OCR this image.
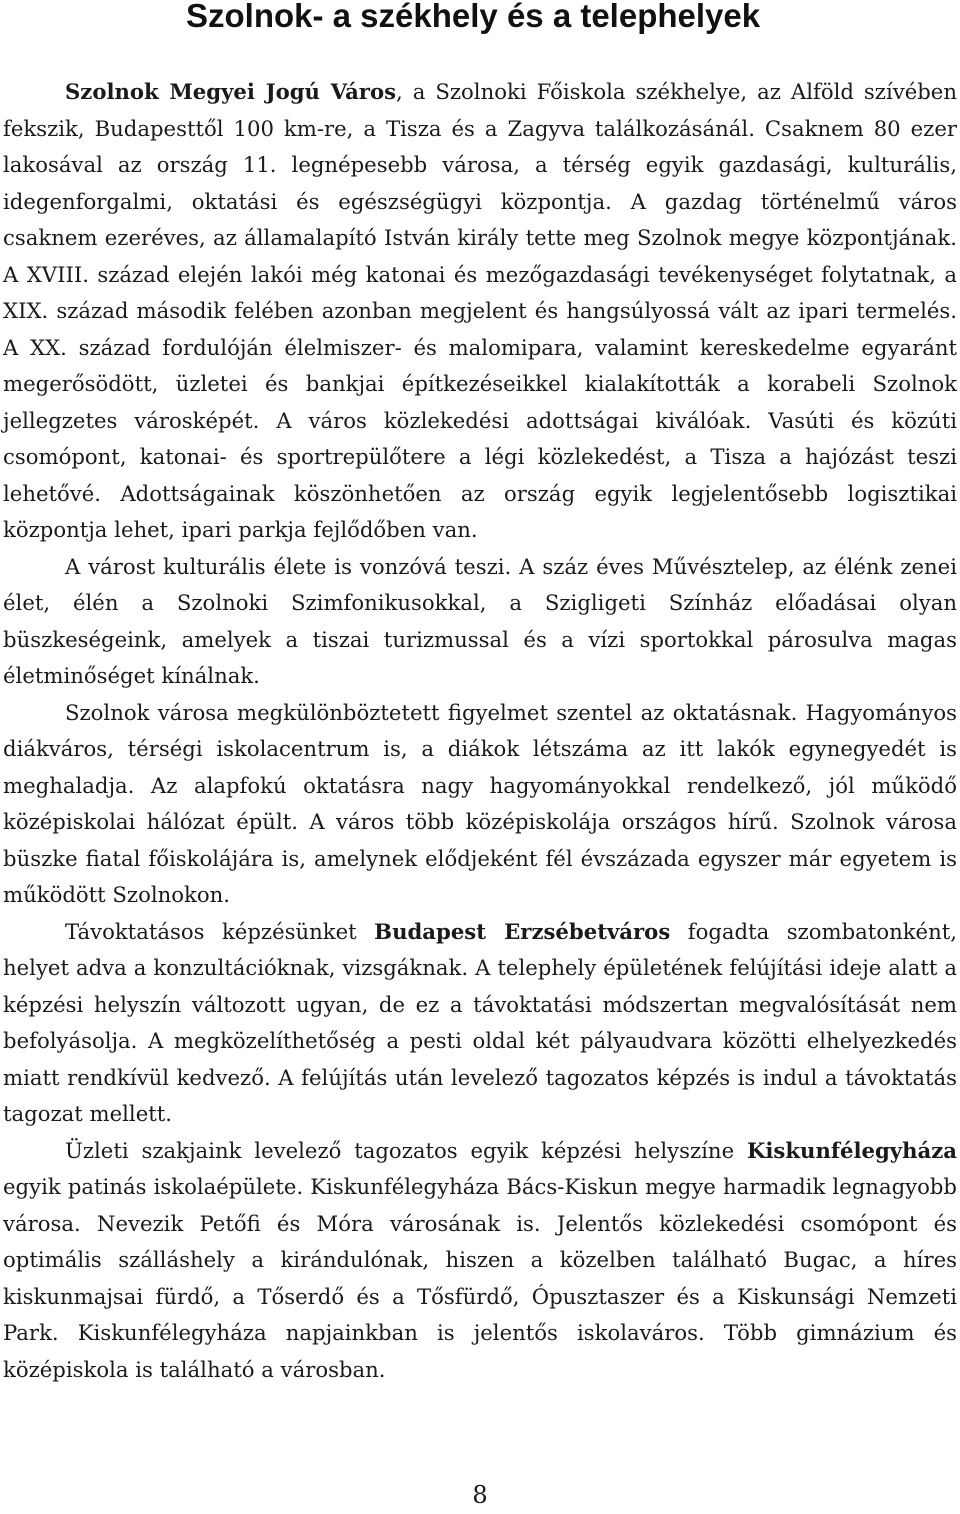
Szolnok- a székhely és a telephelyek

Szolnok Megyei Jogú Város, a Szolnoki Főiskola székhelye, az Alföld szívében fekszik, Budapesttől 100 km-re, a Tisza és a Zagyva találkozásánál. Csaknem 80 ezer lakosával az ország 11. legnépesebb városa, a térség egyik gazdasági, kulturális, idegenforgalmi, oktatási és egészségügyi központja. A gazdag történelmű város csaknem ezeréves, az államalapító István király tette meg Szolnok megye központjának. A XVIII. század elején lakói még katonai és mezőgazdasági tevékenységet folytatnak, a XIX. század második felében azonban megjelent és hangsúlyossá vált az ipari termelés. A XX. század fordulóján élelmiszer- és malomipara, valamint kereskedelme egyaránt megerősödött, üzletei és bankjai építkezéseikkel kialakították a korabeli Szolnok jellegzetes városképét. A város közlekedési adottságai kiválóak. Vasúti és közúti csomópont, katonai- és sportrepülőtere a légi közlekedést, a Tisza a hajózást teszi lehetővé. Adottságainak köszönhetően az ország egyik legjelentősebb logisztikai központja lehet, ipari parkja fejlődőben van.

A várost kulturális élete is vonzóvá teszi. A száz éves Művésztelep, az élénk zenei élet, élén a Szolnoki Szimfonikusokkal, a Szigligeti Színház előadásai olyan büszkeségeink, amelyek a tiszai turizmussal és a vízi sportokkal párosulva magas életminőséget kínálnak.

Szolnok városa megkülönböztetett figyelmet szentel az oktatásnak. Hagyományos diákváros, térségi iskolacentrum is, a diákok létszáma az itt lakók egynegyedét is meghaladja. Az alapfokú oktatásra nagy hagyományokkal rendelkező, jól működő középiskolai hálózat épült. A város több középiskolája országos hírű. Szolnok városa büszke fiatal főiskolájára is, amelynek elődjeként fél évszázada egyszer már egyetem is működött Szolnokon.

Távoktatásos képzésünket Budapest Erzsébetváros fogadta szombatonként, helyet adva a konzultációknak, vizsgáknak. A telephely épületének felújítási ideje alatt a képzési helyszín változott ugyan, de ez a távoktatási módszertan megvalósítását nem befolyásolja. A megközelíthetőség a pesti oldal két pályaudvara közötti elhelyezkedés miatt rendkívül kedvező. A felújítás után levelező tagozatos képzés is indul a távoktatás tagozat mellett.

Üzleti szakjaink levelező tagozatos egyik képzési helyszíne Kiskunfélegyháza egyik patinás iskolaépülete. Kiskunfélegyháza Bács-Kiskun megye harmadik legnagyobb városa. Nevezik Petőfi és Móra városának is. Jelentős közlekedési csomópont és optimális szálláshely a kirándulónak, hiszen a közelben található Bugac, a híres kiskunmajsai fürdő, a Tőserdő és a Tősfürdő, Ópusztaszer és a Kiskunsági Nemzeti Park. Kiskunfélegyháza napjainkban is jelentős iskolaváros. Több gimnázium és középiskola is található a városban.

8
